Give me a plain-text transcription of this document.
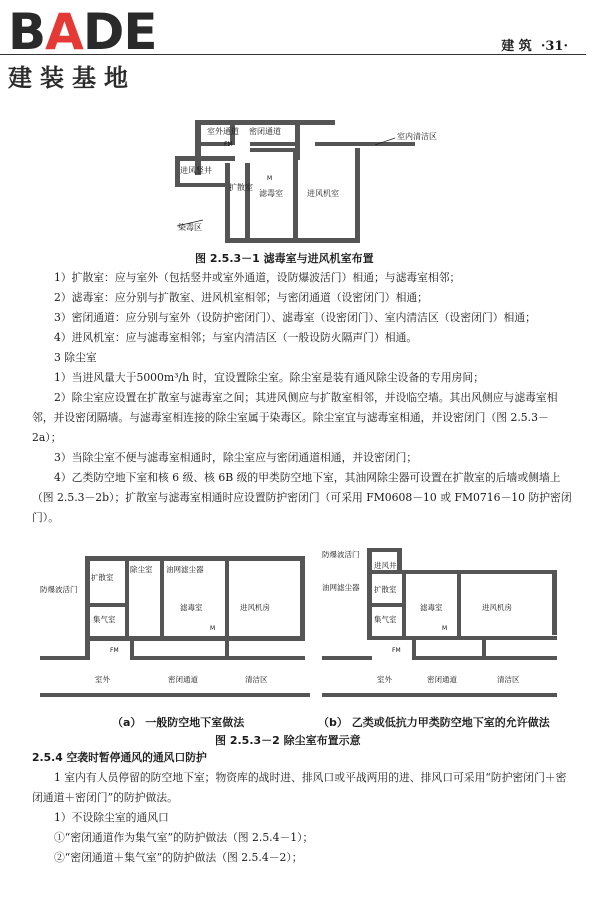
BADE
建装基地
建 筑 ·31·
室外通道 密闭通道
室内清洁区
进风竖井
扩散室
滤毒室	进风机室
染毒区
FM
M
图 2.5.3－1 滤毒室与进风机室布置

1）扩散室：应与室外（包括竖井或室外通道，设防爆波活门）相通；与滤毒室相邻；

2）滤毒室：应分别与扩散室、进风机室相邻；与密闭通道（设密闭门）相通；

3）密闭通道：应分别与室外（设防护密闭门）、滤毒室（设密闭门）、室内清洁区（设密闭门）相通；

4）进风机室：应与滤毒室相邻；与室内清洁区（一般设防火隔声门）相通。

3 除尘室

1）当进风量大于5000m³/h 时，宜设置除尘室。除尘室是装有通风除尘设备的专用房间；

2）除尘室应设置在扩散室与滤毒室之间；其进风侧应与扩散室相邻，并设临空墙。其出风侧应与滤毒室相邻，并设密闭隔墙。与滤毒室相连接的除尘室属于染毒区。除尘室宜与滤毒室相通，并设密闭门（图 2.5.3－2a）；

3）当除尘室不便与滤毒室相通时，除尘室应与密闭通道相通，并设密闭门；

4）乙类防空地下室和核 6 级、核 6B 级的甲类防空地下室，其油网除尘器可设置在扩散室的后墙或侧墙上（图 2.5.3－2b）；扩散室与滤毒室相通时应设置防护密闭门（可采用 FM0608－10 或 FM0716－10 防护密闭门）。

防爆波活门
扩散室
除尘室 油网滤尘器
集气室
滤毒室	进风机房
室外	密闭通道	清洁区
FM
M
防爆波活门
进风井
油网滤尘器 扩散室
集气室
滤毒室	进风机房
室外	密闭通道	清洁区
FM
M
（a） 一般防空地下室做法	（b） 乙类或低抗力甲类防空地下室的允许做法
图 2.5.3－2 除尘室布置示意

2.5.4 空袭时暂停通风的通风口防护

1 室内有人员停留的防空地下室；物资库的战时进、排风口或平战两用的进、排风口可采用“防护密闭门＋密闭通道＋密闭门”的防护做法。

1）不设除尘室的通风口

①“密闭通道作为集气室”的防护做法（图 2.5.4－1）；

②“密闭通道＋集气室”的防护做法（图 2.5.4－2）；
